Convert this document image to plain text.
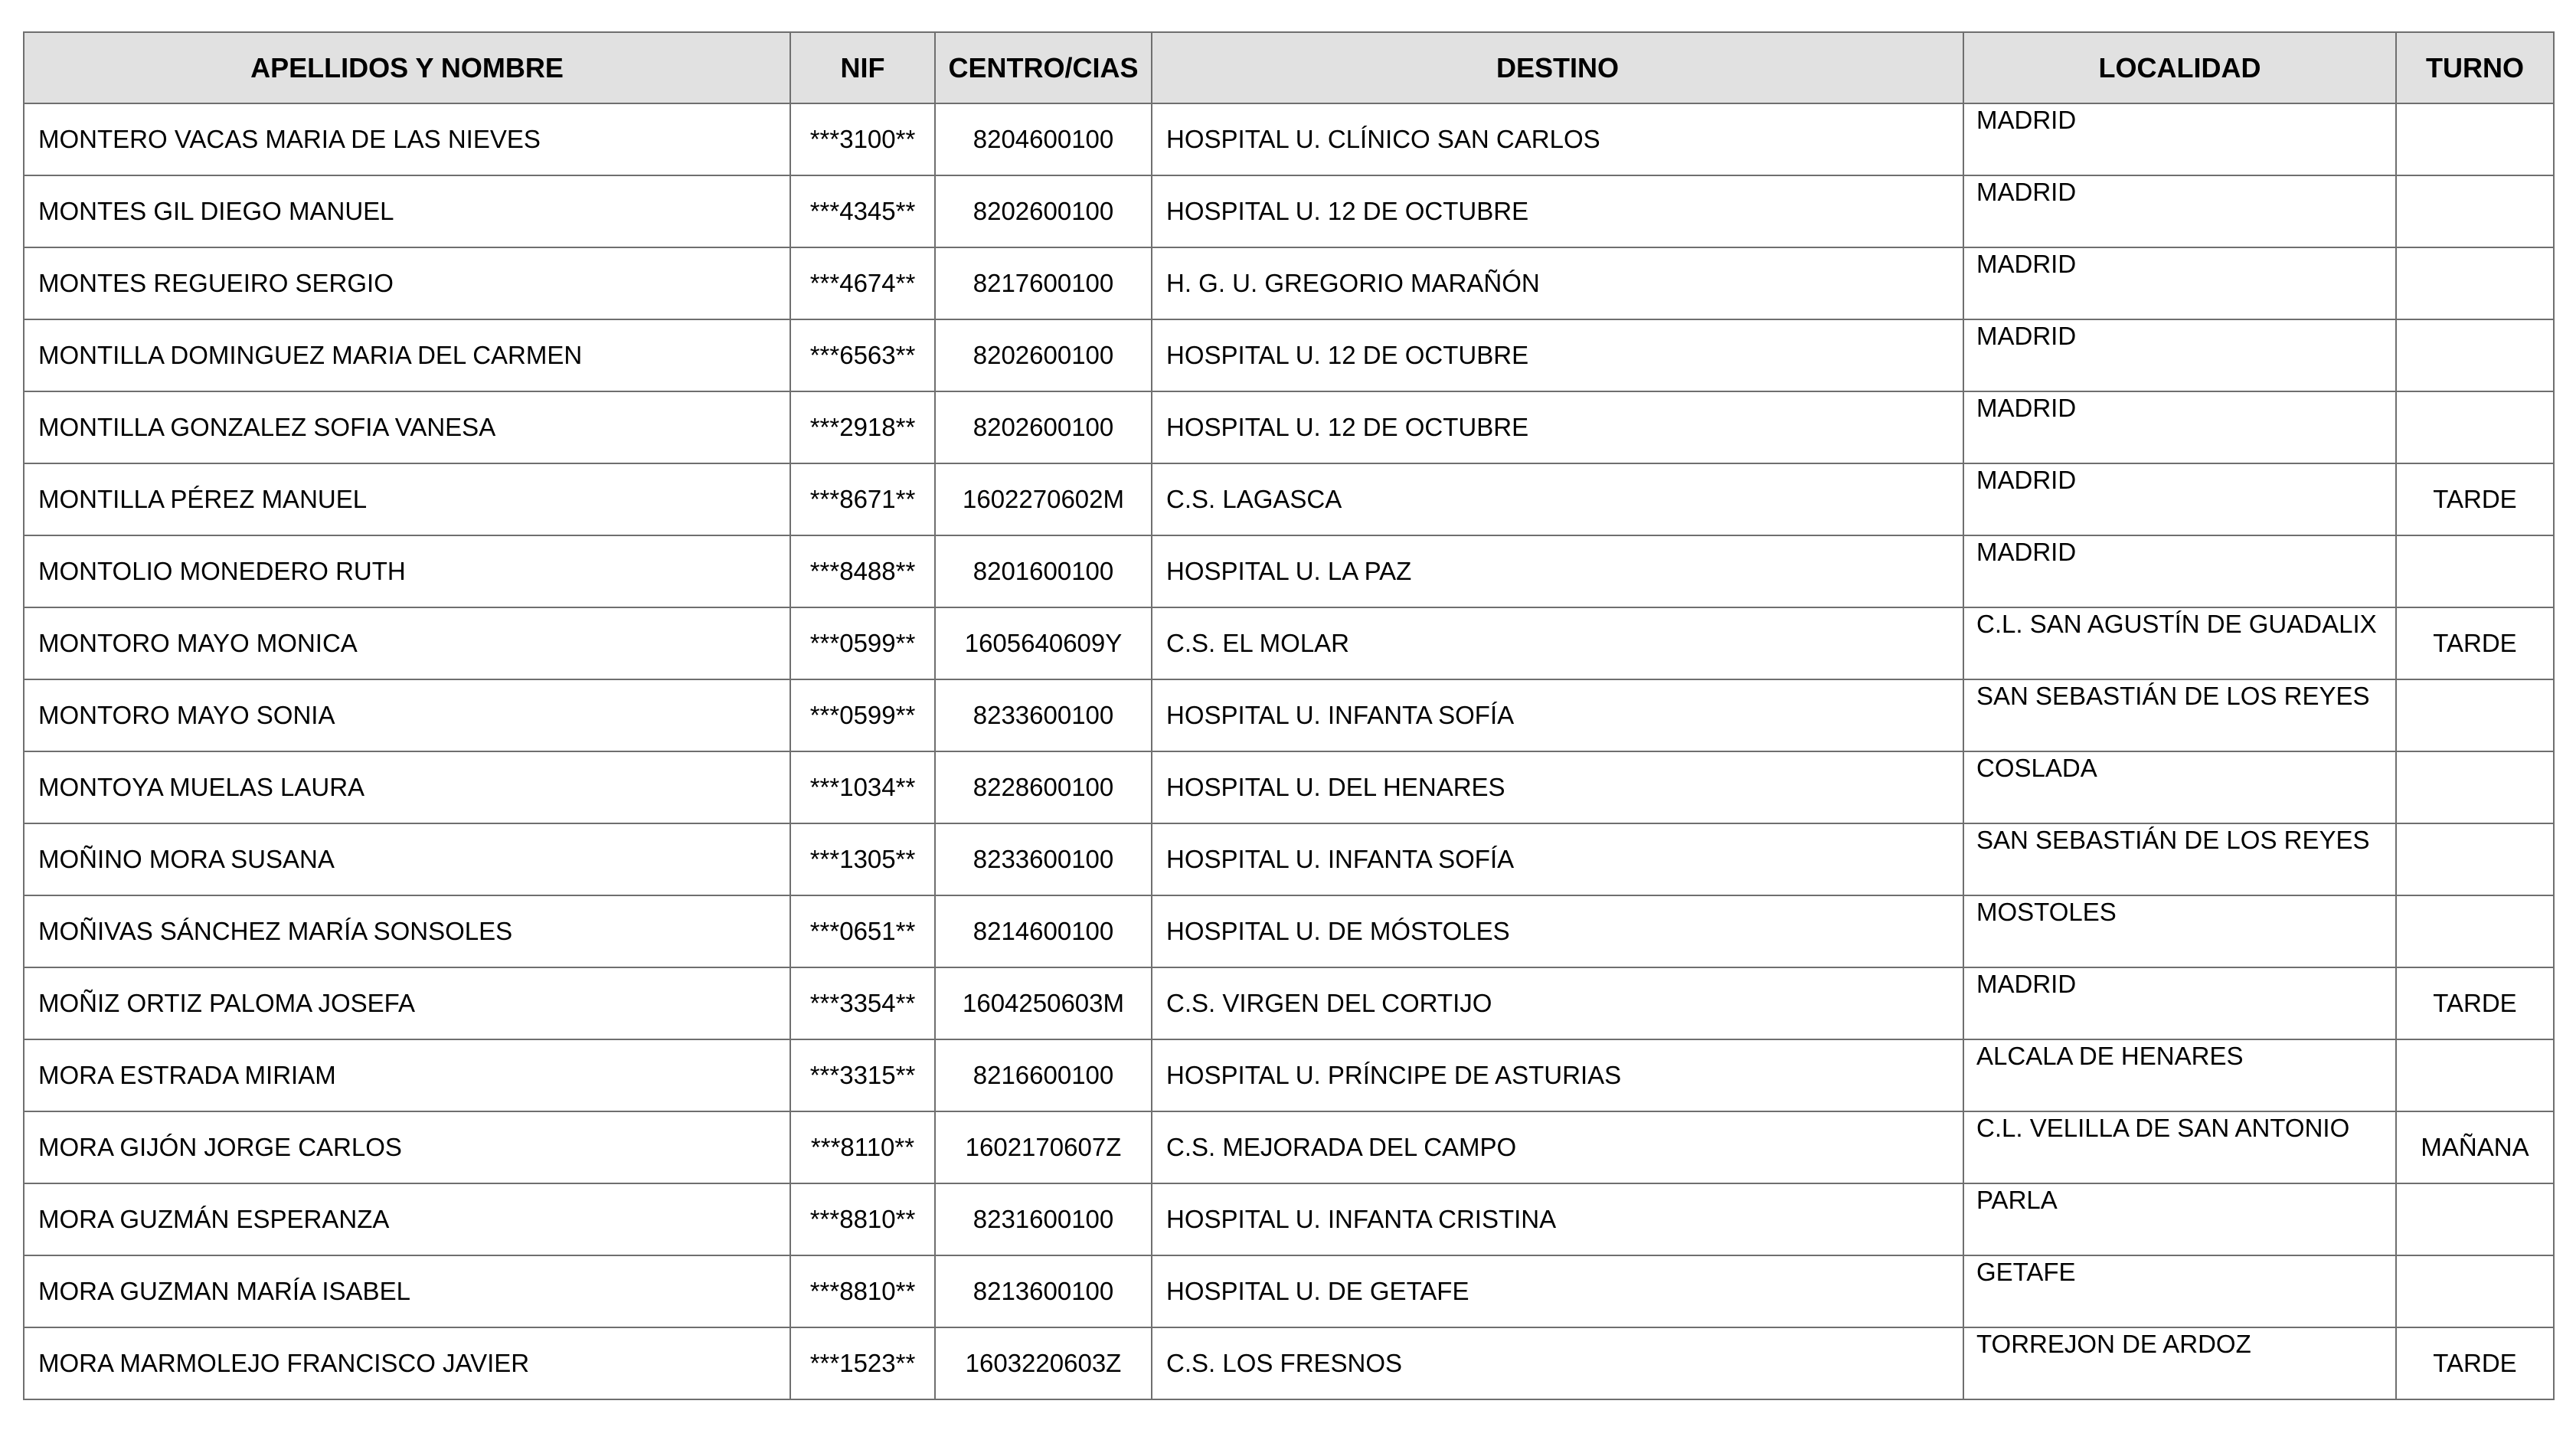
APELLIDOS Y NOMBRE	NIF	CENTRO/CIAS	DESTINO	LOCALIDAD	TURNO
MONTERO VACAS MARIA DE LAS NIEVES	***3100**	8204600100	HOSPITAL U. CLÍNICO SAN CARLOS	MADRID	
MONTES GIL DIEGO MANUEL	***4345**	8202600100	HOSPITAL U. 12 DE OCTUBRE	MADRID	
MONTES REGUEIRO SERGIO	***4674**	8217600100	H. G. U. GREGORIO MARAÑÓN	MADRID	
MONTILLA DOMINGUEZ MARIA DEL CARMEN	***6563**	8202600100	HOSPITAL U. 12 DE OCTUBRE	MADRID	
MONTILLA GONZALEZ SOFIA VANESA	***2918**	8202600100	HOSPITAL U. 12 DE OCTUBRE	MADRID	
MONTILLA PÉREZ MANUEL	***8671**	1602270602M	C.S. LAGASCA	MADRID	TARDE
MONTOLIO MONEDERO RUTH	***8488**	8201600100	HOSPITAL U. LA PAZ	MADRID	
MONTORO MAYO MONICA	***0599**	1605640609Y	C.S. EL MOLAR	C.L. SAN AGUSTÍN DE GUADALIX	TARDE
MONTORO MAYO SONIA	***0599**	8233600100	HOSPITAL U. INFANTA SOFÍA	SAN SEBASTIÁN DE LOS REYES	
MONTOYA MUELAS LAURA	***1034**	8228600100	HOSPITAL U. DEL HENARES	COSLADA	
MOÑINO MORA SUSANA	***1305**	8233600100	HOSPITAL U. INFANTA SOFÍA	SAN SEBASTIÁN DE LOS REYES	
MOÑIVAS SÁNCHEZ MARÍA SONSOLES	***0651**	8214600100	HOSPITAL U. DE MÓSTOLES	MOSTOLES	
MOÑIZ ORTIZ PALOMA JOSEFA	***3354**	1604250603M	C.S. VIRGEN DEL CORTIJO	MADRID	TARDE
MORA ESTRADA MIRIAM	***3315**	8216600100	HOSPITAL U. PRÍNCIPE DE ASTURIAS	ALCALA DE HENARES	
MORA GIJÓN JORGE CARLOS	***8110**	1602170607Z	C.S. MEJORADA DEL CAMPO	C.L. VELILLA DE SAN ANTONIO	MAÑANA
MORA GUZMÁN ESPERANZA	***8810**	8231600100	HOSPITAL U. INFANTA CRISTINA	PARLA	
MORA GUZMAN MARÍA ISABEL	***8810**	8213600100	HOSPITAL U. DE GETAFE	GETAFE	
MORA MARMOLEJO FRANCISCO JAVIER	***1523**	1603220603Z	C.S. LOS FRESNOS	TORREJON DE ARDOZ	TARDE
